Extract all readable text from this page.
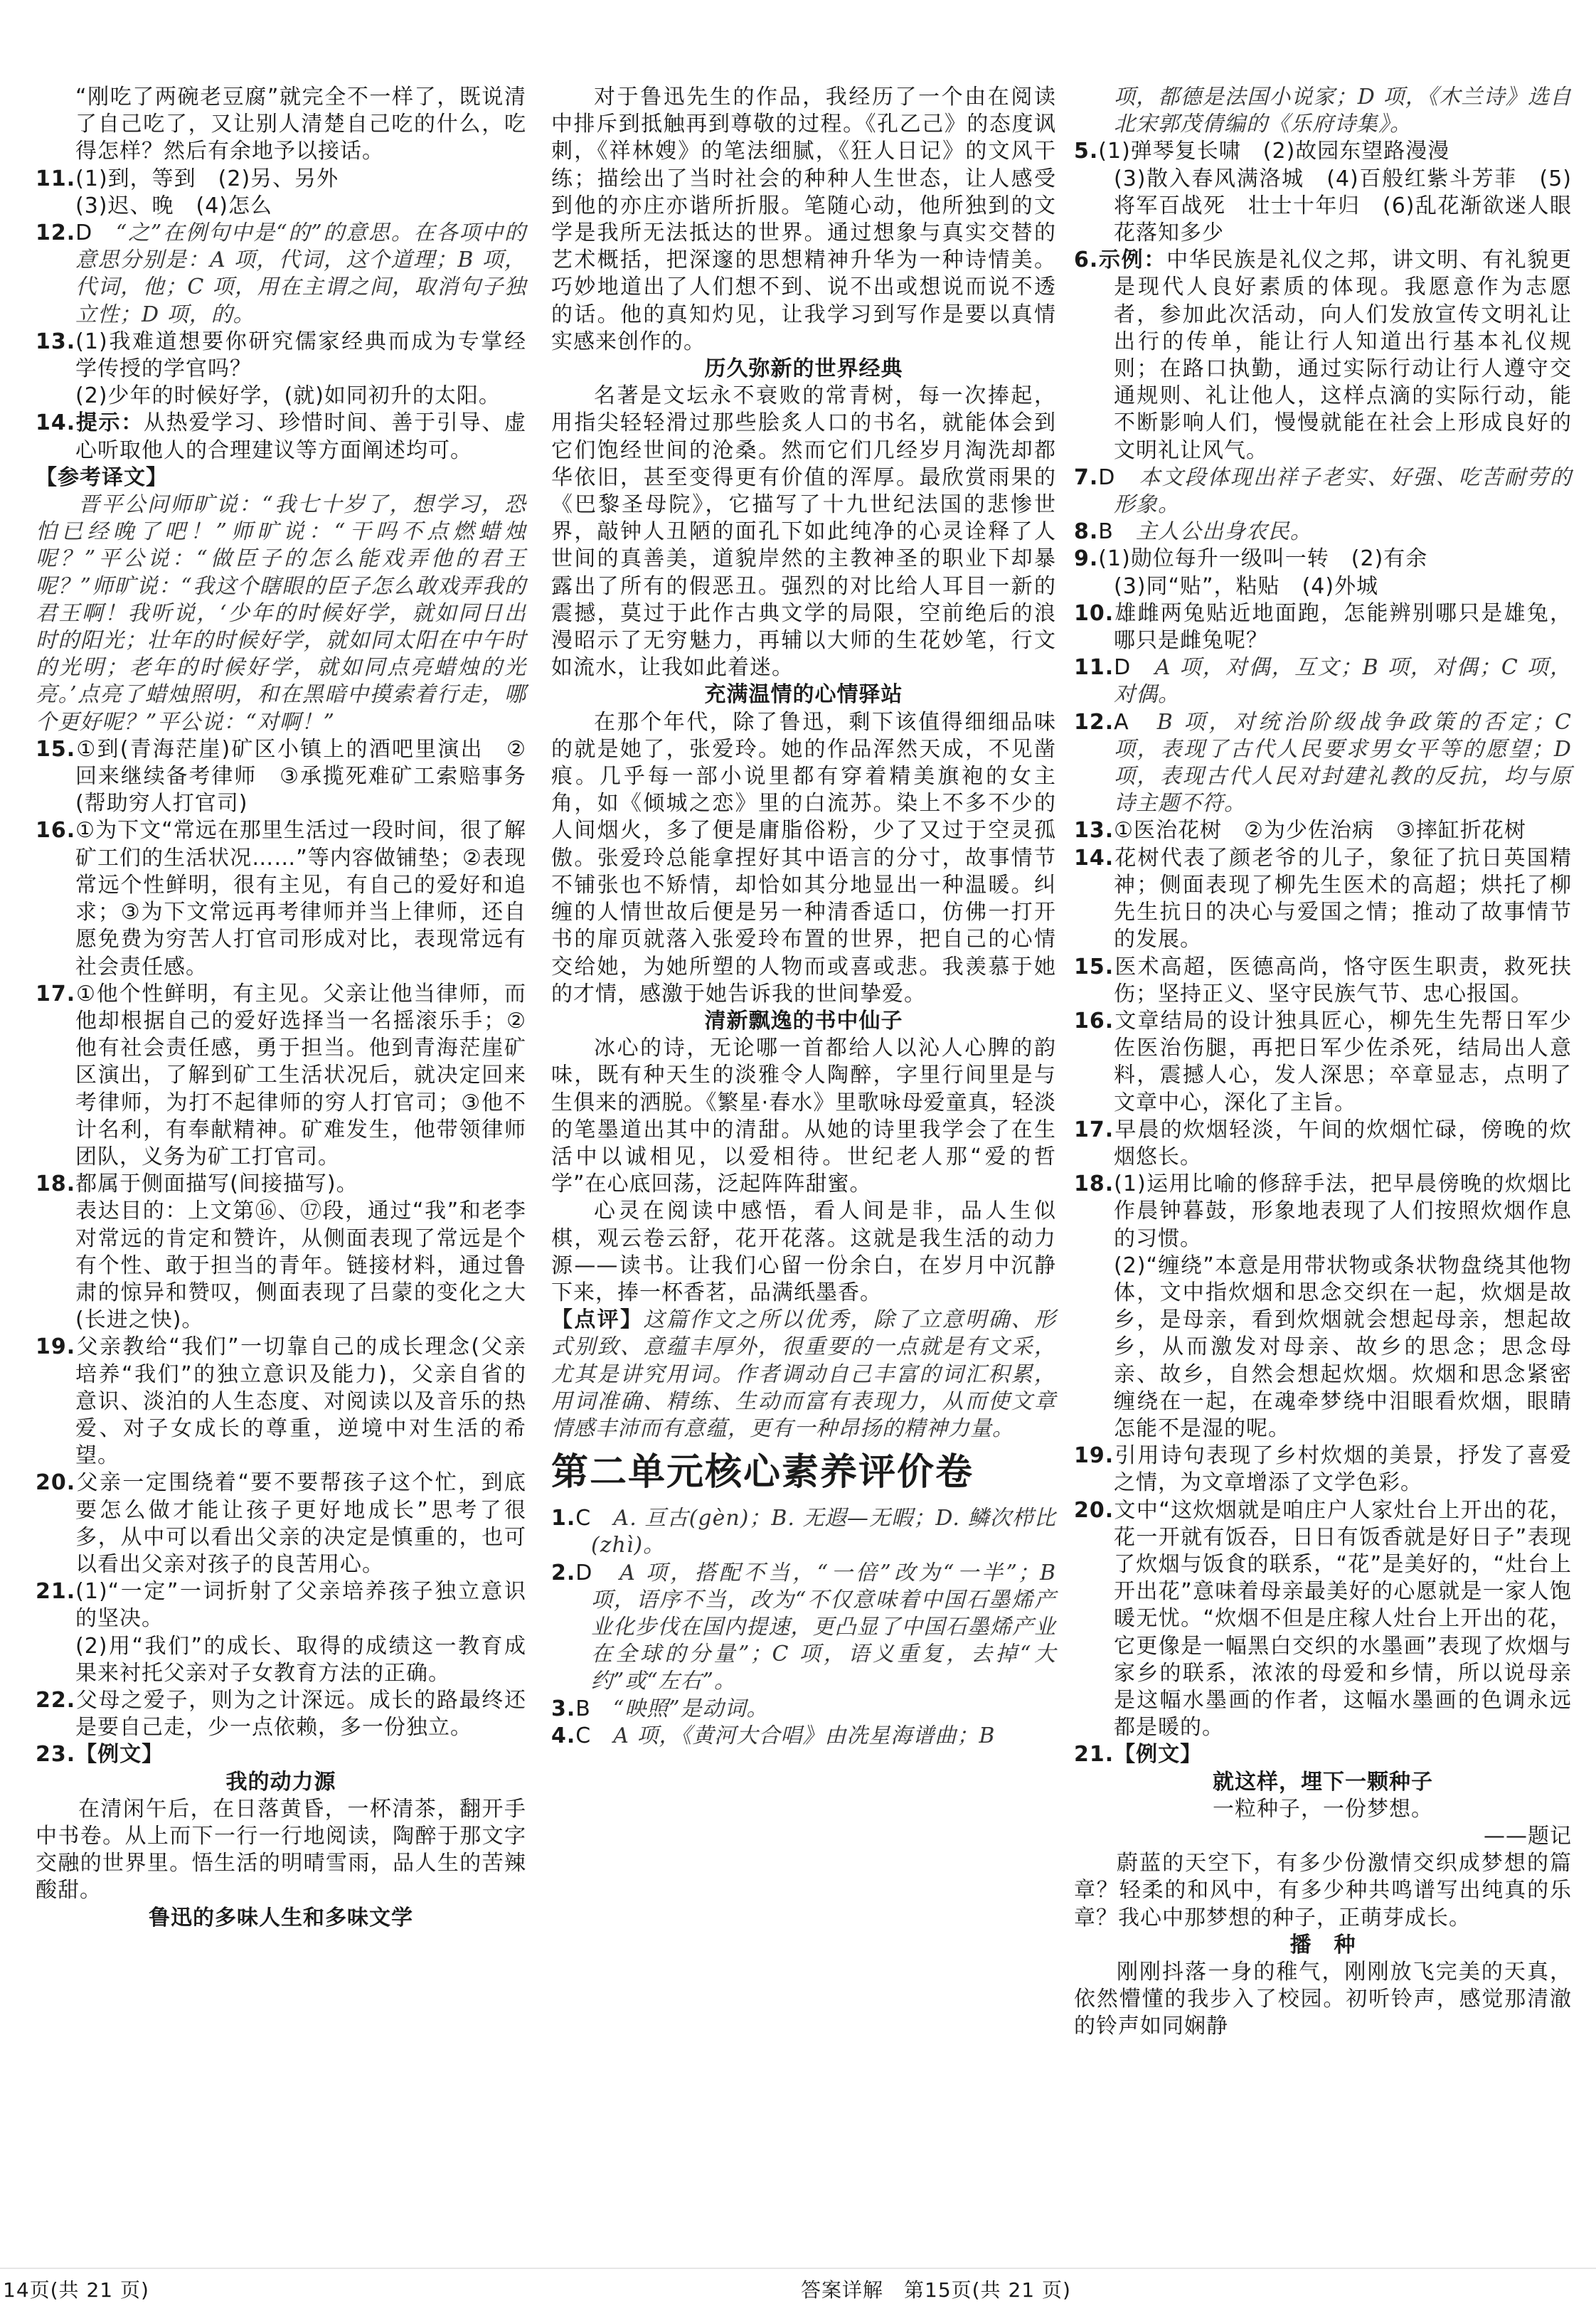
“刚吃了两碗老豆腐”就完全不一样了，既说清了自己吃了，又让别人清楚自己吃的什么，吃得怎样？然后有余地予以接话。

11.(1)到，等到　(2)另、另外

(3)迟、晚　(4)怎么

12.D　“之”在例句中是“的”的意思。在各项中的意思分别是：A 项，代词，这个道理；B 项，代词，他；C 项，用在主谓之间，取消句子独立性；D 项，的。

13.(1)我难道想要你研究儒家经典而成为专掌经学传授的学官吗？

(2)少年的时候好学，(就)如同初升的太阳。

14.提示：从热爱学习、珍惜时间、善于引导、虚心听取他人的合理建议等方面阐述均可。

【参考译文】

晋平公问师旷说：“我七十岁了，想学习，恐怕已经晚了吧！”师旷说：“干吗不点燃蜡烛呢？”平公说：“做臣子的怎么能戏弄他的君王呢？”师旷说：“我这个瞎眼的臣子怎么敢戏弄我的君王啊！我听说，‘少年的时候好学，就如同日出时的阳光；壮年的时候好学，就如同太阳在中午时的光明；老年的时候好学，就如同点亮蜡烛的光亮。’点亮了蜡烛照明，和在黑暗中摸索着行走，哪个更好呢？”平公说：“对啊！”

15.①到(青海茫崖)矿区小镇上的酒吧里演出　②回来继续备考律师　③承揽死难矿工索赔事务(帮助穷人打官司)

16.①为下文“常远在那里生活过一段时间，很了解矿工们的生活状况……”等内容做铺垫；②表现常远个性鲜明，很有主见，有自己的爱好和追求；③为下文常远再考律师并当上律师，还自愿免费为穷苦人打官司形成对比，表现常远有社会责任感。

17.①他个性鲜明，有主见。父亲让他当律师，而他却根据自己的爱好选择当一名摇滚乐手；②他有社会责任感，勇于担当。他到青海茫崖矿区演出，了解到矿工生活状况后，就决定回来考律师，为打不起律师的穷人打官司；③他不计名利，有奉献精神。矿难发生，他带领律师团队，义务为矿工打官司。

18.都属于侧面描写(间接描写)。

表达目的：上文第⑯、⑰段，通过“我”和老李对常远的肯定和赞许，从侧面表现了常远是个有个性、敢于担当的青年。链接材料，通过鲁肃的惊异和赞叹，侧面表现了吕蒙的变化之大(长进之快)。

19.父亲教给“我们”一切靠自己的成长理念(父亲培养“我们”的独立意识及能力)，父亲自省的意识、淡泊的人生态度、对阅读以及音乐的热爱、对子女成长的尊重，逆境中对生活的希望。

20.父亲一定围绕着“要不要帮孩子这个忙，到底要怎么做才能让孩子更好地成长”思考了很多，从中可以看出父亲的决定是慎重的，也可以看出父亲对孩子的良苦用心。

21.(1)“一定”一词折射了父亲培养孩子独立意识的坚决。

(2)用“我们”的成长、取得的成绩这一教育成果来衬托父亲对子女教育方法的正确。

22.父母之爱子，则为之计深远。成长的路最终还是要自己走，少一点依赖，多一份独立。

23.【例文】

我的动力源

在清闲午后，在日落黄昏，一杯清茶，翻开手中书卷。从上而下一行一行地阅读，陶醉于那文字交融的世界里。悟生活的明晴雪雨，品人生的苦辣酸甜。

鲁迅的多味人生和多味文学

对于鲁迅先生的作品，我经历了一个由在阅读中排斥到抵触再到尊敬的过程。《孔乙己》的态度讽刺，《祥林嫂》的笔法细腻，《狂人日记》的文风干练；描绘出了当时社会的种种人生世态，让人感受到他的亦庄亦谐所折服。笔随心动，他所独到的文学是我所无法抵达的世界。通过想象与真实交替的艺术概括，把深邃的思想精神升华为一种诗情美。巧妙地道出了人们想不到、说不出或想说而说不透的话。他的真知灼见，让我学习到写作是要以真情实感来创作的。

历久弥新的世界经典

名著是文坛永不衰败的常青树，每一次捧起，用指尖轻轻滑过那些脍炙人口的书名，就能体会到它们饱经世间的沧桑。然而它们几经岁月淘洗却都华依旧，甚至变得更有价值的浑厚。最欣赏雨果的《巴黎圣母院》，它描写了十九世纪法国的悲惨世界，敲钟人丑陋的面孔下如此纯净的心灵诠释了人世间的真善美，道貌岸然的主教神圣的职业下却暴露出了所有的假恶丑。强烈的对比给人耳目一新的震撼，莫过于此作古典文学的局限，空前绝后的浪漫昭示了无穷魅力，再辅以大师的生花妙笔，行文如流水，让我如此着迷。

充满温情的心情驿站

在那个年代，除了鲁迅，剩下该值得细细品味的就是她了，张爱玲。她的作品浑然天成，不见凿痕。几乎每一部小说里都有穿着精美旗袍的女主角，如《倾城之恋》里的白流苏。染上不多不少的人间烟火，多了便是庸脂俗粉，少了又过于空灵孤傲。张爱玲总能拿捏好其中语言的分寸，故事情节不铺张也不矫情，却恰如其分地显出一种温暖。纠缠的人情世故后便是另一种清香适口，仿佛一打开书的扉页就落入张爱玲布置的世界，把自己的心情交给她，为她所塑的人物而或喜或悲。我羡慕于她的才情，感激于她告诉我的世间挚爱。

清新飘逸的书中仙子

冰心的诗，无论哪一首都给人以沁人心脾的韵味，既有种天生的淡雅令人陶醉，字里行间里是与生俱来的洒脱。《繁星·春水》里歌咏母爱童真，轻淡的笔墨道出其中的清甜。从她的诗里我学会了在生活中以诚相见，以爱相待。世纪老人那“爱的哲学”在心底回荡，泛起阵阵甜蜜。

心灵在阅读中感悟，看人间是非，品人生似棋，观云卷云舒，花开花落。这就是我生活的动力源——读书。让我们心留一份余白，在岁月中沉静下来，捧一杯香茗，品满纸墨香。

【点评】这篇作文之所以优秀，除了立意明确、形式别致、意蕴丰厚外，很重要的一点就是有文采，尤其是讲究用词。作者调动自己丰富的词汇积累，用词准确、精练、生动而富有表现力，从而使文章情感丰沛而有意蕴，更有一种昂扬的精神力量。

第二单元核心素养评价卷

1.C　A. 亘古(gèn)；B. 无遐—无暇；D. 鳞次栉比(zhì)。

2.D　A 项，搭配不当，“一倍”改为“一半”；B 项，语序不当，改为“不仅意味着中国石墨烯产业化步伐在国内提速，更凸显了中国石墨烯产业在全球的分量”；C 项，语义重复，去掉“大约”或“左右”。

3.B　“映照”是动词。

4.C　A 项，《黄河大合唱》由冼星海谱曲；B

项，都德是法国小说家；D 项，《木兰诗》选自北宋郭茂倩编的《乐府诗集》。

5.(1)弹琴复长啸　(2)故园东望路漫漫

(3)散入春风满洛城　(4)百般红紫斗芳菲　(5)将军百战死　壮士十年归　(6)乱花渐欲迷人眼　花落知多少

6.示例：中华民族是礼仪之邦，讲文明、有礼貌更是现代人良好素质的体现。我愿意作为志愿者，参加此次活动，向人们发放宣传文明礼让出行的传单，能让行人知道出行基本礼仪规则；在路口执勤，通过实际行动让行人遵守交通规则、礼让他人，这样点滴的实际行动，能不断影响人们，慢慢就能在社会上形成良好的文明礼让风气。

7.D　本文段体现出祥子老实、好强、吃苦耐劳的形象。

8.B　主人公出身农民。

9.(1)勋位每升一级叫一转　(2)有余

(3)同“贴”，粘贴　(4)外城

10.雄雌两兔贴近地面跑，怎能辨别哪只是雄兔，哪只是雌兔呢？

11.D　A 项，对偶，互文；B 项，对偶；C 项，对偶。

12.A　B 项，对统治阶级战争政策的否定；C 项，表现了古代人民要求男女平等的愿望；D 项，表现古代人民对封建礼教的反抗，均与原诗主题不符。

13.①医治花树　②为少佐治病　③摔缸折花树

14.花树代表了颜老爷的儿子，象征了抗日英国精神；侧面表现了柳先生医术的高超；烘托了柳先生抗日的决心与爱国之情；推动了故事情节的发展。

15.医术高超，医德高尚，恪守医生职责，救死扶伤；坚持正义、坚守民族气节、忠心报国。

16.文章结局的设计独具匠心，柳先生先帮日军少佐医治伤腿，再把日军少佐杀死，结局出人意料，震撼人心，发人深思；卒章显志，点明了文章中心，深化了主旨。

17.早晨的炊烟轻淡，午间的炊烟忙碌，傍晚的炊烟悠长。

18.(1)运用比喻的修辞手法，把早晨傍晚的炊烟比作晨钟暮鼓，形象地表现了人们按照炊烟作息的习惯。

(2)“缠绕”本意是用带状物或条状物盘绕其他物体，文中指炊烟和思念交织在一起，炊烟是故乡，是母亲，看到炊烟就会想起母亲，想起故乡，从而激发对母亲、故乡的思念；思念母亲、故乡，自然会想起炊烟。炊烟和思念紧密缠绕在一起，在魂牵梦绕中泪眼看炊烟，眼睛怎能不是湿的呢。

19.引用诗句表现了乡村炊烟的美景，抒发了喜爱之情，为文章增添了文学色彩。

20.文中“这炊烟就是咱庄户人家灶台上开出的花，花一开就有饭吞，日日有饭香就是好日子”表现了炊烟与饭食的联系，“花”是美好的，“灶台上开出花”意味着母亲最美好的心愿就是一家人饱暖无忧。“炊烟不但是庄稼人灶台上开出的花，它更像是一幅黑白交织的水墨画”表现了炊烟与家乡的联系，浓浓的母爱和乡情，所以说母亲是这幅水墨画的作者，这幅水墨画的色调永远都是暖的。

21.【例文】

就这样，埋下一颗种子

一粒种子，一份梦想。

——题记

蔚蓝的天空下，有多少份激情交织成梦想的篇章？轻柔的和风中，有多少种共鸣谱写出纯真的乐章？我心中那梦想的种子，正萌芽成长。

播　种

刚刚抖落一身的稚气，刚刚放飞完美的天真，依然懵懂的我步入了校园。初听铃声，感觉那清澈的铃声如同娴静

14页(共 21 页)	答案详解　第15页(共 21 页)
